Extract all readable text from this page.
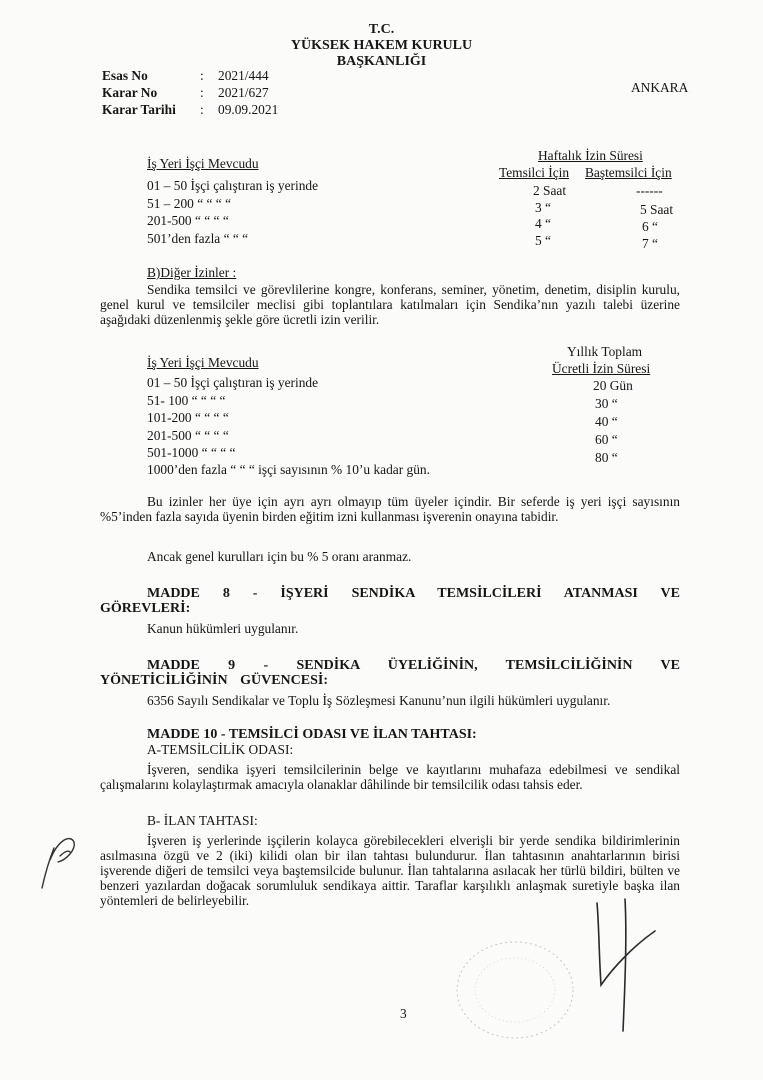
T.C.
YÜKSEK HAKEM KURULU
BAŞKANLIĞI
ANKARA
Esas No	: 2021/444
Karar No	: 2021/627
Karar Tarihi : 09.09.2021
İş Yeri İşçi Mevcudu
Haftalık İzin Süresi
Temsilci İçin Baştemsilci İçin
01 – 50 İşçi çalıştıran iş yerinde
51 – 200 “ “ “ “
201-500 “ “ “ “
501’den fazla “ “ “
2 Saat
3 “
4 “
5 “
------
5 Saat
6 “
7 “
B)Diğer İzinler :
Sendika temsilci ve görevlilerine kongre, konferans, seminer, yönetim, denetim, disiplin kurulu, genel kurul ve temsilciler meclisi gibi toplantılara katılmaları için Sendika’nın yazılı talebi üzerine aşağıdaki düzenlenmiş şekle göre ücretli izin verilir.
İş Yeri İşçi Mevcudu
Yıllık Toplam
Ücretli İzin Süresi
01 – 50 İşçi çalıştıran iş yerinde
51- 100 “ “ “ “
101-200 “ “ “ “
201-500 “ “ “ “
501-1000 “ “ “ “
1000’den fazla “ “ “ işçi sayısının % 10’u kadar gün.
20 Gün
30 “
40 “
60 “
80 “
Bu izinler her üye için ayrı ayrı olmayıp tüm üyeler içindir. Bir seferde iş yeri işçi sayısının %5’inden fazla sayıda üyenin birden eğitim izni kullanması işverenin onayına tabidir.
Ancak genel kurulları için bu % 5 oranı aranmaz.
MADDE 8 - İŞYERİ SENDİKA TEMSİLCİLERİ ATANMASI VE GÖREVLERİ:
Kanun hükümleri uygulanır.
MADDE 9 - SENDİKA ÜYELİĞİNİN, TEMSİLCİLİĞİNİN VE YÖNETİCİLİĞİNİN GÜVENCESİ:
6356 Sayılı Sendikalar ve Toplu İş Sözleşmesi Kanunu’nun ilgili hükümleri uygulanır.
MADDE 10 - TEMSİLCİ ODASI VE İLAN TAHTASI:
A-TEMSİLCİLİK ODASI:
İşveren, sendika işyeri temsilcilerinin belge ve kayıtlarını muhafaza edebilmesi ve sendikal çalışmalarını kolaylaştırmak amacıyla olanaklar dâhilinde bir temsilcilik odası tahsis eder.
B- İLAN TAHTASI:
İşveren iş yerlerinde işçilerin kolayca görebilecekleri elverişli bir yerde sendika bildirimlerinin asılmasına özgü ve 2 (iki) kilidi olan bir ilan tahtası bulundurur. İlan tahtasının anahtarlarının birisi işverende diğeri de temsilci veya baştemsilcide bulunur. İlan tahtalarına asılacak her türlü bildiri, bülten ve benzeri yazılardan doğacak sorumluluk sendikaya aittir. Taraflar karşılıklı anlaşmak suretiyle başka ilan yöntemleri de belirleyebilir.
3
